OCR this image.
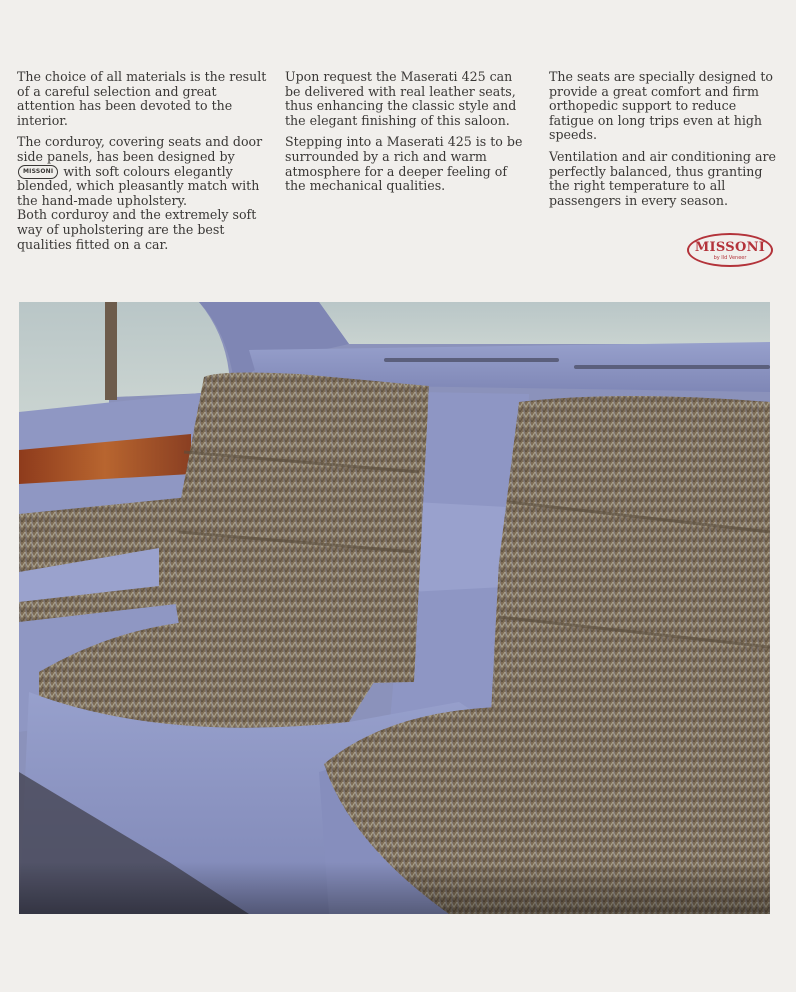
The choice of all materials is the result of a careful selection and great attention has been devoted to the interior.

The corduroy, covering seats and door side panels, has been designed by MISSONI with soft colours elegantly blended, which pleasantly match with the hand-made upholstery.
Both corduroy and the extremely soft way of upholstering are the best qualities fitted on a car.

Upon request the Maserati 425 can be delivered with real leather seats, thus enhancing the classic style and the elegant finishing of this saloon.

Stepping into a Maserati 425 is to be surrounded by a rich and warm atmosphere for a deeper feeling of the mechanical qualities.

The seats are specially designed to provide a great comfort and firm orthopedic support to reduce fatigue on long trips even at high speeds.

Ventilation and air conditioning are perfectly balanced, thus granting the right temperature to all passengers in every season.

MISSONI
by Ild Veneer
